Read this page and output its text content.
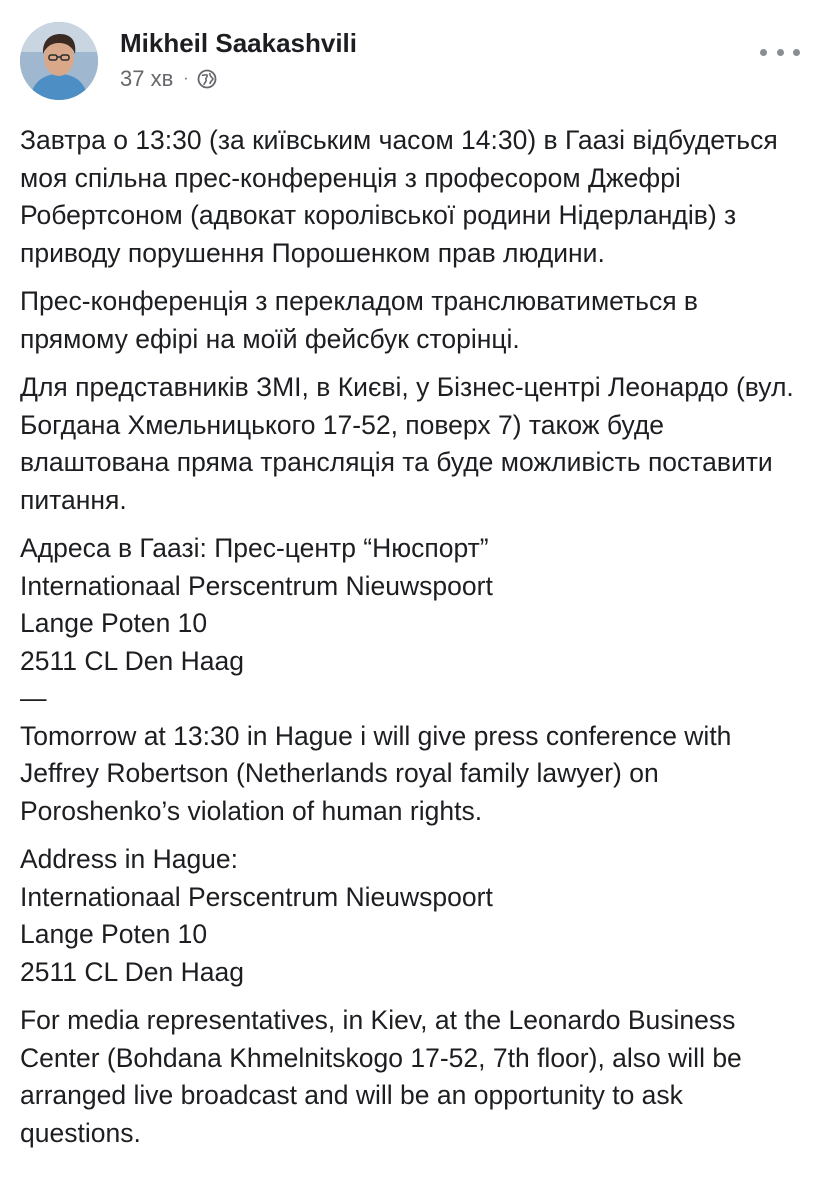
Mikheil Saakashvili
37 хв ·

Завтра о 13:30 (за київським часом 14:30) в Гаазі відбудеться моя спільна прес-конференція з професором Джефрі Робертсоном (адвокат королівської родини Нідерландів) з приводу порушення Порошенком прав людини.

Прес-конференція з перекладом транслюватиметься в прямому ефірі на моїй фейсбук сторінці.

Для представників ЗМІ, в Києві, у Бізнес-центрі Леонардо (вул. Богдана Хмельницького 17-52, поверх 7) також буде влаштована пряма трансляція та буде можливість поставити питання.

Адреса в Гаазі: Прес-центр “Нюспорт”
Internationaal Perscentrum Nieuwspoort
Lange Poten 10
2511 CL Den Haag
—
Tomorrow at 13:30 in Hague i will give press conference with Jeffrey Robertson (Netherlands royal family lawyer) on Poroshenko’s violation of human rights.

Address in Hague:
Internationaal Perscentrum Nieuwspoort
Lange Poten 10
2511 CL Den Haag

For media representatives, in Kiev, at the Leonardo Business Center (Bohdana Khmelnitskogo 17-52, 7th floor), also will be arranged live broadcast and will be an opportunity to ask questions.
